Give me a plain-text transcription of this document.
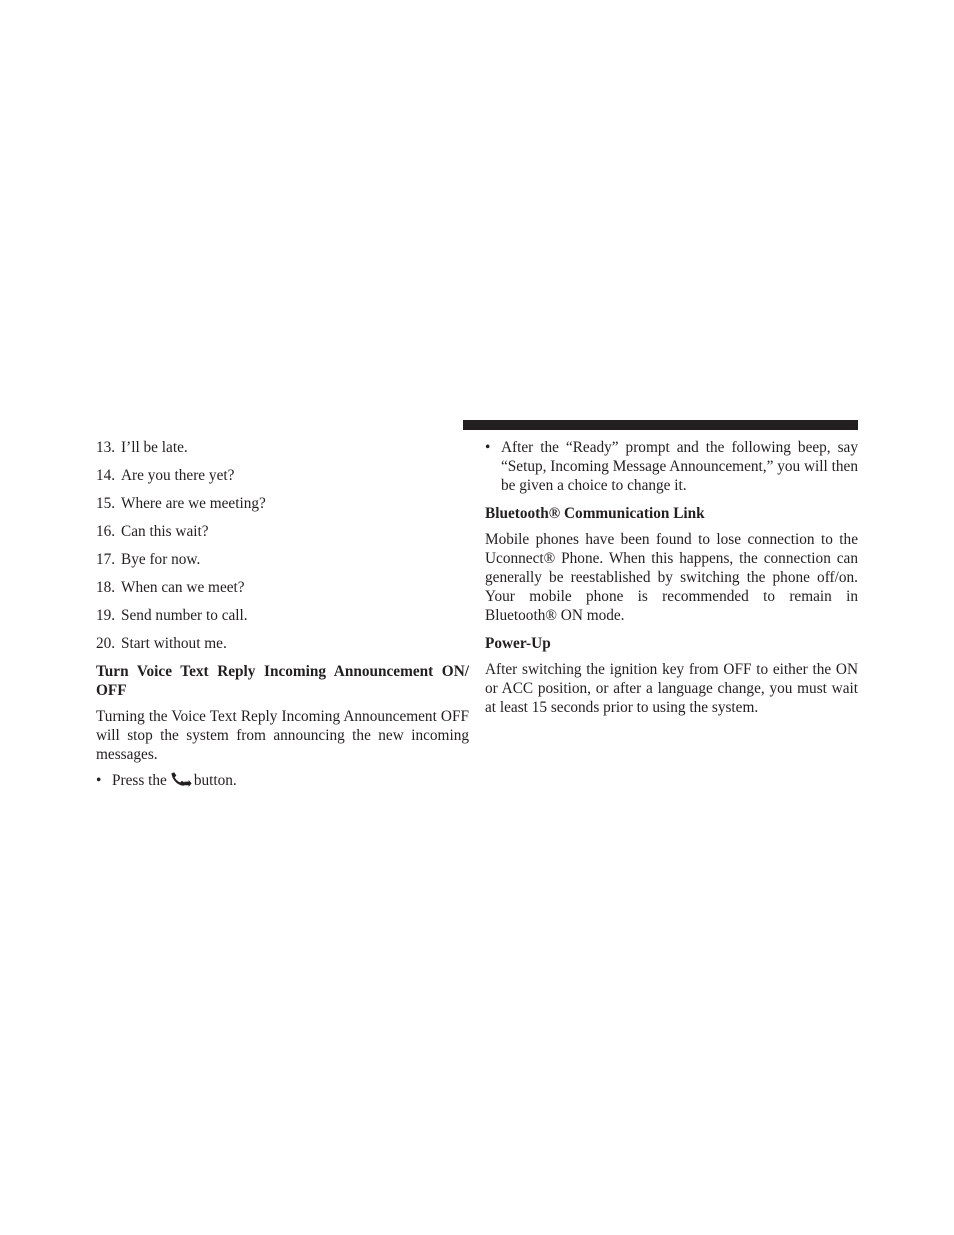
13. I’ll be late.
14. Are you there yet?
15. Where are we meeting?
16. Can this wait?
17. Bye for now.
18. When can we meet?
19. Send number to call.
20. Start without me.
Turn Voice Text Reply Incoming Announcement ON/ OFF
Turning the Voice Text Reply Incoming Announcement OFF will stop the system from announcing the new incoming messages.
• Press the button.
• After the “Ready” prompt and the following beep, say “Setup, Incoming Message Announcement,” you will then be given a choice to change it.
Bluetooth® Communication Link
Mobile phones have been found to lose connection to the Uconnect® Phone. When this happens, the connection can generally be reestablished by switching the phone off/on. Your mobile phone is recommended to remain in Bluetooth® ON mode.
Power-Up
After switching the ignition key from OFF to either the ON or ACC position, or after a language change, you must wait at least 15 seconds prior to using the system.
